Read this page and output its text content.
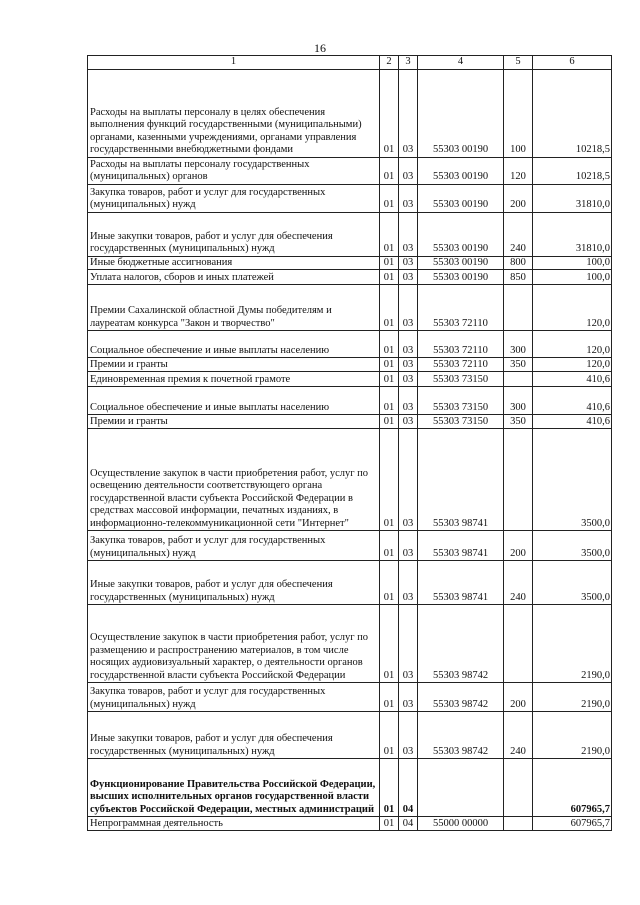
16
1	2	3	4	5	6
Расходы на выплаты персоналу в целях обеспечения выполнения функций государственными (муниципальными) органами, казенными учреждениями, органами управления государственными внебюджетными фондами	01	03	55303 00190	100	10218,5
Расходы на выплаты персоналу государственных (муниципальных) органов	01	03	55303 00190	120	10218,5
Закупка товаров, работ и услуг для государственных (муниципальных) нужд	01	03	55303 00190	200	31810,0
Иные закупки товаров, работ и услуг для обеспечения государственных (муниципальных) нужд	01	03	55303 00190	240	31810,0
Иные бюджетные ассигнования	01	03	55303 00190	800	100,0
Уплата налогов, сборов и иных платежей	01	03	55303 00190	850	100,0
Премии Сахалинской областной Думы победителям и лауреатам конкурса "Закон и творчество"	01	03	55303 72110		120,0
Социальное обеспечение и иные выплаты населению	01	03	55303 72110	300	120,0
Премии и гранты	01	03	55303 72110	350	120,0
Единовременная премия к почетной грамоте	01	03	55303 73150		410,6
Социальное обеспечение и иные выплаты населению	01	03	55303 73150	300	410,6
Премии и гранты	01	03	55303 73150	350	410,6
Осуществление закупок в части приобретения работ, услуг по освещению деятельности соответствующего органа государственной власти субъекта Российской Федерации в средствах массовой информации, печатных изданиях, в информационно-телекоммуникационной сети "Интернет"	01	03	55303 98741		3500,0
Закупка товаров, работ и услуг для государственных (муниципальных) нужд	01	03	55303 98741	200	3500,0
Иные закупки товаров, работ и услуг для обеспечения государственных (муниципальных) нужд	01	03	55303 98741	240	3500,0
Осуществление закупок в части приобретения работ, услуг по размещению и распространению материалов, в том числе носящих аудиовизуальный характер, о деятельности органов государственной власти субъекта Российской Федерации	01	03	55303 98742		2190,0
Закупка товаров, работ и услуг для государственных (муниципальных) нужд	01	03	55303 98742	200	2190,0
Иные закупки товаров, работ и услуг для обеспечения государственных (муниципальных) нужд	01	03	55303 98742	240	2190,0
Функционирование Правительства Российской Федерации, высших исполнительных органов государственной власти субъектов Российской Федерации, местных администраций	01	04			607965,7
Непрограммная деятельность	01	04	55000 00000		607965,7
